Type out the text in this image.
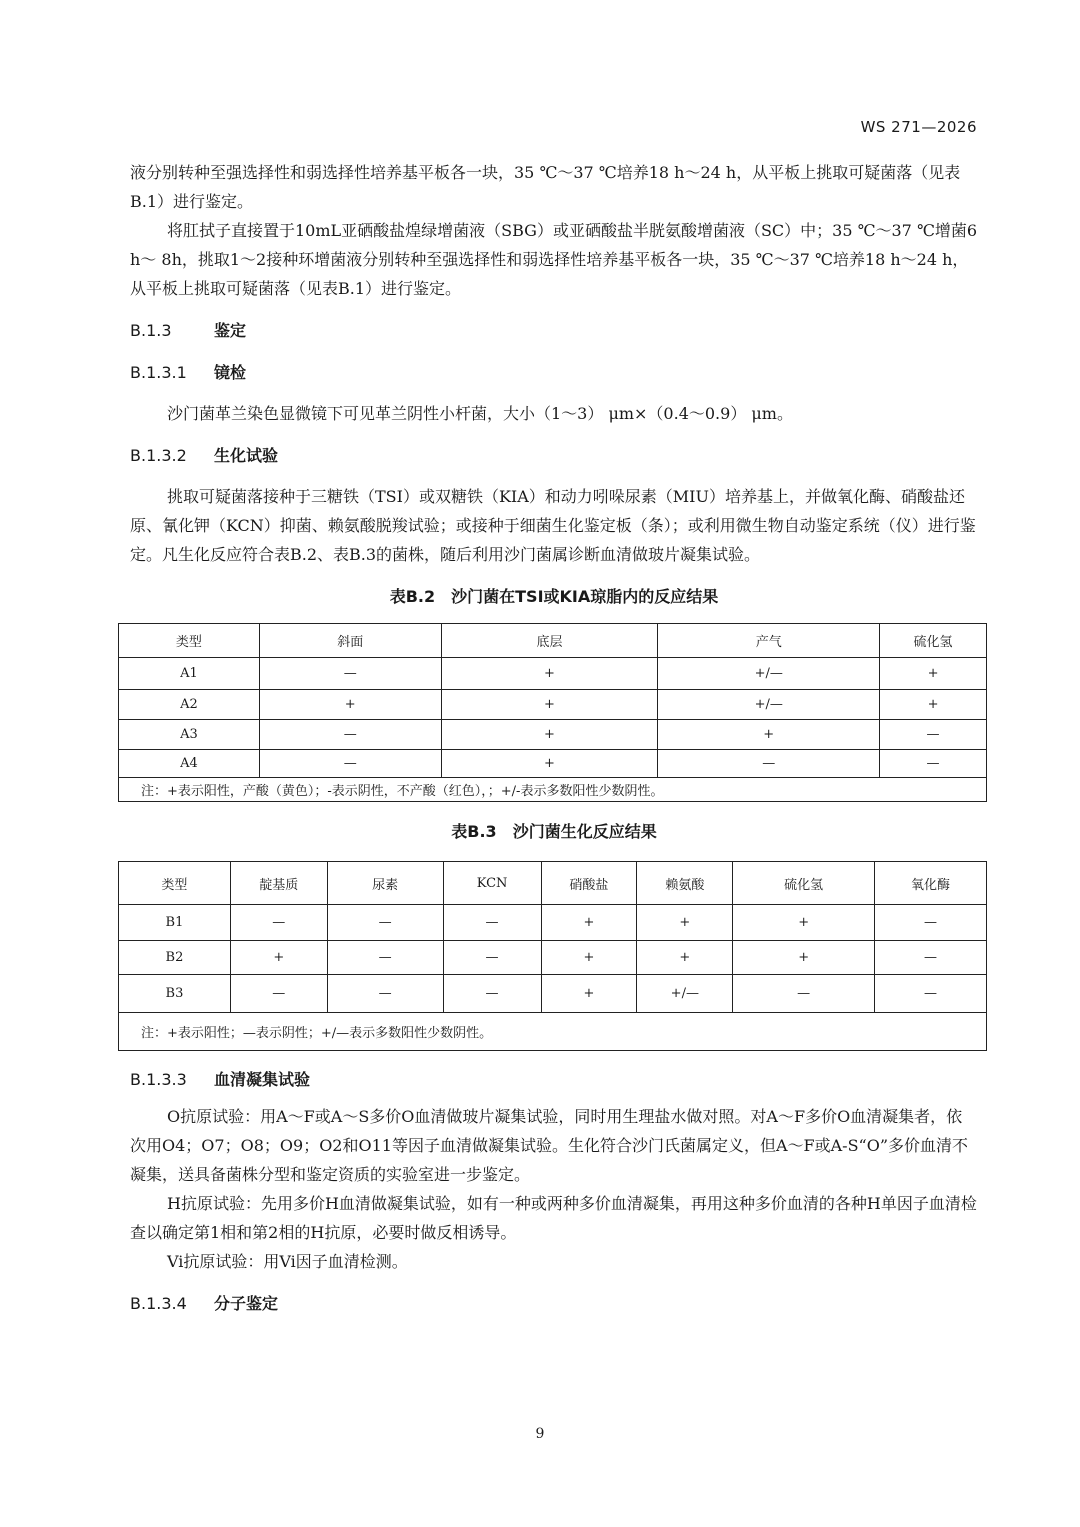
WS 271—2026

液分别转种至强选择性和弱选择性培养基平板各一块，35 ℃～37 ℃培养18 h～24 h，从平板上挑取可疑菌落（见表B.1）进行鉴定。

将肛拭子直接置于10mL亚硒酸盐煌绿增菌液（SBG）或亚硒酸盐半胱氨酸增菌液（SC）中；35 ℃～37 ℃增菌6 h～ 8h，挑取1～2接种环增菌液分别转种至强选择性和弱选择性培养基平板各一块，35 ℃～37 ℃培养18 h～24 h，从平板上挑取可疑菌落（见表B.1）进行鉴定。

B.1.3	鉴定
B.1.3.1 镜检

沙门菌革兰染色显微镜下可见革兰阴性小杆菌，大小（1～3） μm×（0.4～0.9） μm。

B.1.3.2 生化试验

挑取可疑菌落接种于三糖铁（TSI）或双糖铁（KIA）和动力吲哚尿素（MIU）培养基上，并做氧化酶、硝酸盐还原、氰化钾（KCN）抑菌、赖氨酸脱羧试验；或接种于细菌生化鉴定板（条）；或利用微生物自动鉴定系统（仪）进行鉴定。凡生化反应符合表B.2、表B.3的菌株，随后利用沙门菌属诊断血清做玻片凝集试验。

表B.2　沙门菌在TSI或KIA琼脂内的反应结果
类型	斜面	底层	产气	硫化氢
A1	—	+	+/—	+
A2	+	+	+/—	+
A3	—	+	+	—
A4	—	+	—	—
注：+表示阳性，产酸（黄色）；-表示阴性，不产酸（红色），；+/-表示多数阳性少数阴性。				
表B.3　沙门菌生化反应结果
类型	靛基质	尿素	KCN	硝酸盐	赖氨酸	硫化氢	氧化酶
B1	—	—	—	+	+	+	—
B2	+	—	—	+	+	+	—
B3	—	—	—	+	+/—	—	—
注：+表示阳性；—表示阴性；+/—表示多数阳性少数阴性。							
B.1.3.3 血清凝集试验

O抗原试验：用A～F或A～S多价O血清做玻片凝集试验，同时用生理盐水做对照。对A～F多价O血清凝集者，依次用O4；O7；O8；O9；O2和O11等因子血清做凝集试验。生化符合沙门氏菌属定义，但A～F或A-S“O”多价血清不凝集，送具备菌株分型和鉴定资质的实验室进一步鉴定。

H抗原试验：先用多价H血清做凝集试验，如有一种或两种多价血清凝集，再用这种多价血清的各种H单因子血清检查以确定第1相和第2相的H抗原，必要时做反相诱导。

Vi抗原试验：用Vi因子血清检测。

B.1.3.4 分子鉴定
9
